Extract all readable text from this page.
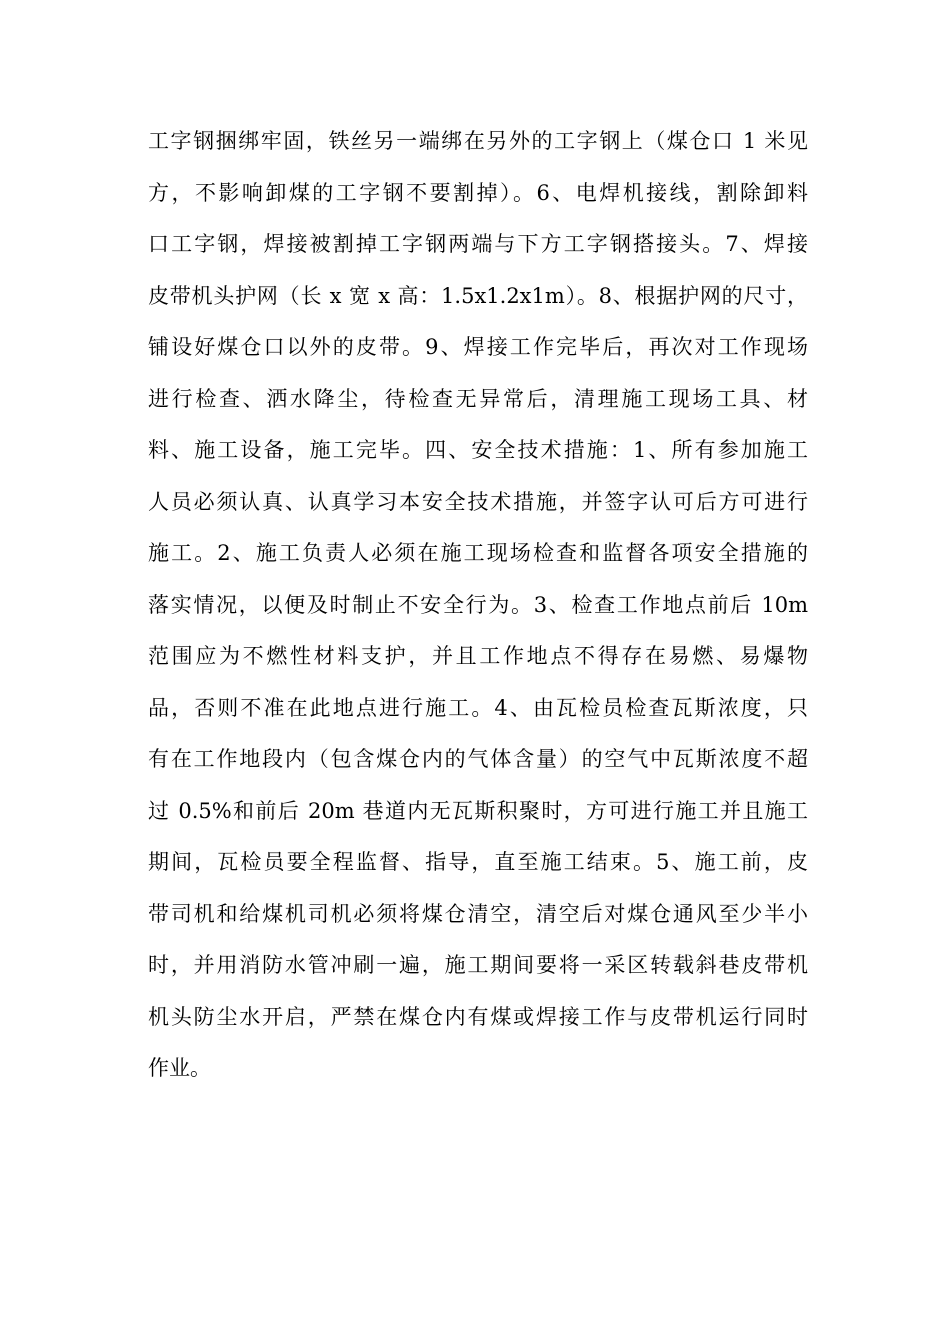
工字钢捆绑牢固，铁丝另一端绑在另外的工字钢上（煤仓口 1 米见
方，不影响卸煤的工字钢不要割掉）。6、电焊机接线，割除卸料
口工字钢，焊接被割掉工字钢两端与下方工字钢搭接头。7、焊接
皮带机头护网（长 x 宽 x 高：1.5x1.2x1m）。8、根据护网的尺寸，
铺设好煤仓口以外的皮带。9、焊接工作完毕后，再次对工作现场
进行检查、洒水降尘，待检查无异常后，清理施工现场工具、材
料、施工设备，施工完毕。四、安全技术措施：1、所有参加施工
人员必须认真、认真学习本安全技术措施，并签字认可后方可进行
施工。2、施工负责人必须在施工现场检查和监督各项安全措施的
落实情况，以便及时制止不安全行为。3、检查工作地点前后 10m
范围应为不燃性材料支护，并且工作地点不得存在易燃、易爆物
品，否则不准在此地点进行施工。4、由瓦检员检查瓦斯浓度，只
有在工作地段内（包含煤仓内的气体含量）的空气中瓦斯浓度不超
过 0.5%和前后 20m 巷道内无瓦斯积聚时，方可进行施工并且施工
期间，瓦检员要全程监督、指导，直至施工结束。5、施工前，皮
带司机和给煤机司机必须将煤仓清空，清空后对煤仓通风至少半小
时，并用消防水管冲刷一遍，施工期间要将一采区转载斜巷皮带机
机头防尘水开启，严禁在煤仓内有煤或焊接工作与皮带机运行同时
作业。
